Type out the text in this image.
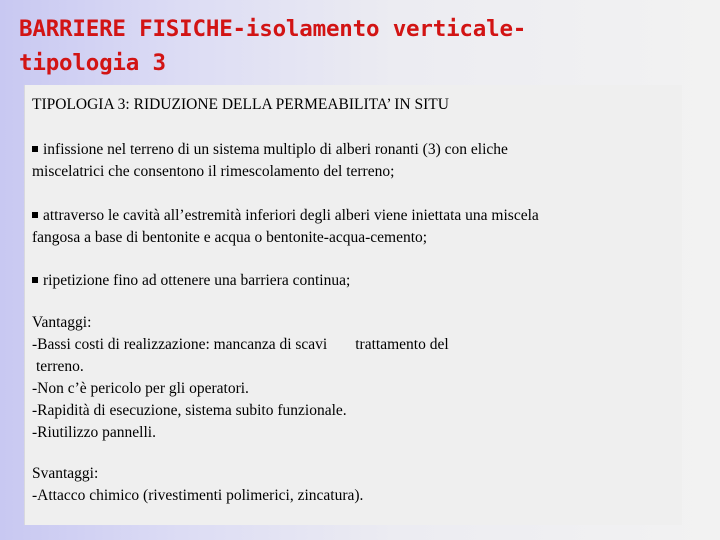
BARRIERE FISICHE-isolamento verticale-
tipologia 3

TIPOLOGIA 3: RIDUZIONE DELLA PERMEABILITA’ IN SITU

infissione nel terreno di un sistema multiplo di alberi ronanti (3) con eliche
miscelatrici che consentono il rimescolamento del terreno;

attraverso le cavità all’estremità inferiori degli alberi viene iniettata una miscela
fangosa a base di bentonite e acqua o bentonite-acqua-cemento;

ripetizione fino ad ottenere una barriera continua;

Vantaggi:
-Bassi costi di realizzazione: mancanza di scavi trattamento del
terreno.
-Non c’è pericolo per gli operatori.
-Rapidità di esecuzione, sistema subito funzionale.
-Riutilizzo pannelli.

Svantaggi:
-Attacco chimico (rivestimenti polimerici, zincatura).
